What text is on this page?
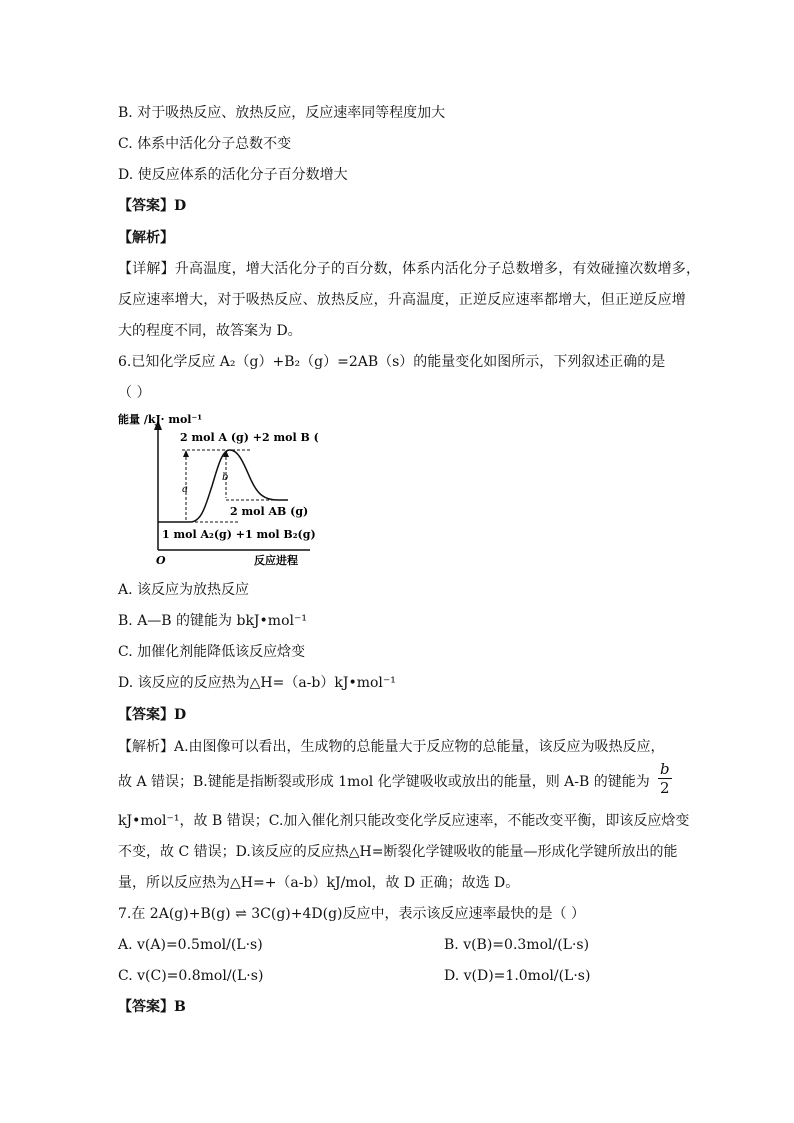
B. 对于吸热反应、放热反应，反应速率同等程度加大
C. 体系中活化分子总数不变
D. 使反应体系的活化分子百分数增大
【答案】D
【解析】
【详解】升高温度，增大活化分子的百分数，体系内活化分子总数增多，有效碰撞次数增多，
反应速率增大，对于吸热反应、放热反应，升高温度，正逆反应速率都增大，但正逆反应增
大的程度不同，故答案为 D。
6.已知化学反应 A₂（g）+B₂（g）=2AB（s）的能量变化如图所示，下列叙述正确的是
（ ）
能量 /kJ· mol⁻¹
2 mol A (g) +2 mol B (g)
2 mol AB (g)
1 mol A₂(g) +1 mol B₂(g)
a
b
O	反应进程
A. 该反应为放热反应
B. A—B 的键能为 bkJ•mol⁻¹
C. 加催化剂能降低该反应焓变
D. 该反应的反应热为△H=（a-b）kJ•mol⁻¹
【答案】D
【解析】A.由图像可以看出，生成物的总能量大于反应物的总能量，该反应为吸热反应，
故 A 错误；B.键能是指断裂或形成 1mol 化学键吸收或放出的能量，则 A-B 的键能为 $\frac{b}{2}$
kJ•mol⁻¹，故 B 错误；C.加入催化剂只能改变化学反应速率，不能改变平衡，即该反应焓变
不变，故 C 错误；D.该反应的反应热△H=断裂化学键吸收的能量—形成化学键所放出的能
量，所以反应热为△H=+（a-b）kJ/mol，故 D 正确；故选 D。
7.在 2A(g)+B(g) ⇌ 3C(g)+4D(g)反应中，表示该反应速率最快的是（ ）
A. v(A)=0.5mol/(L·s)	B. v(B)=0.3mol/(L·s)
C. v(C)=0.8mol/(L·s)	D. v(D)=1.0mol/(L·s)
【答案】B
